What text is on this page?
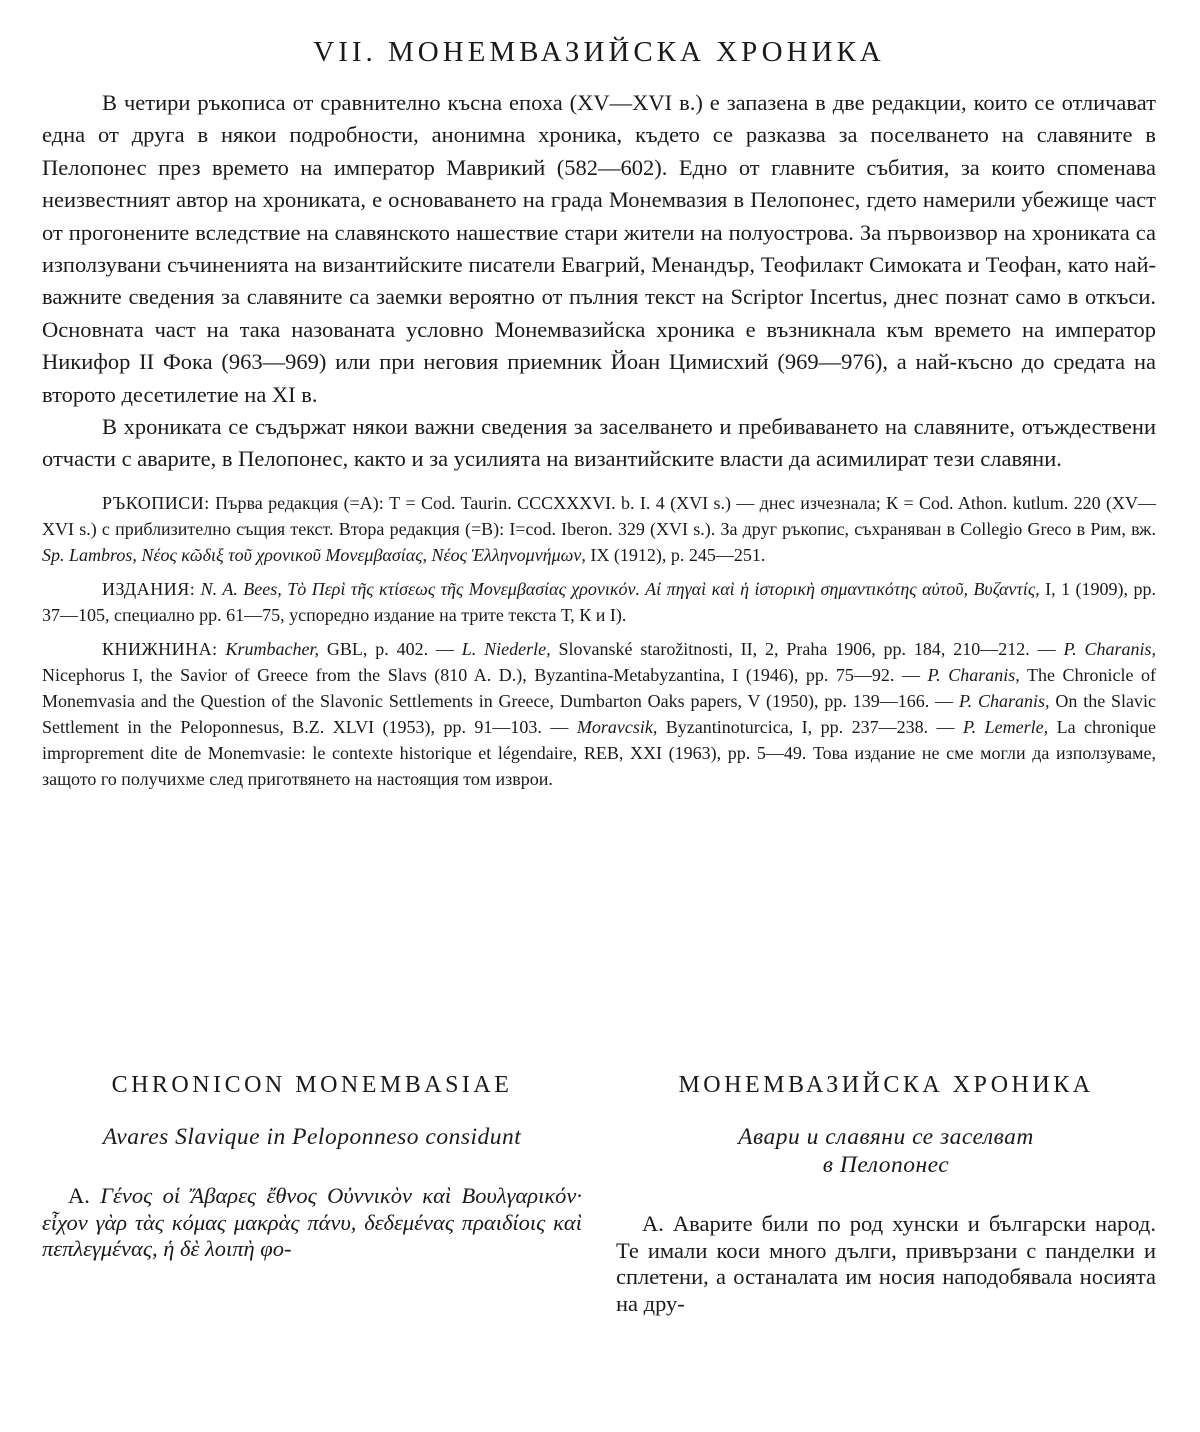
VII. МОНЕМВАЗИЙСКА ХРОНИКА

В четири ръкописа от сравнително късна епоха (XV—XVI в.) е запазена в две редакции, които се отличават една от друга в някои подробности, анонимна хроника, където се разказва за поселването на славяните в Пелопонес през времето на император Маврикий (582—602). Едно от главните събития, за които споменава неизвестният автор на хрониката, е основаването на града Монемвазия в Пелопонес, гдето намерили убежище част от прогонените вследствие на славянското нашествие стари жители на полуострова. За първоизвор на хрониката са използувани съчиненията на византийските писатели Евагрий, Менандър, Теофилакт Симоката и Теофан, като най-важните сведения за славяните са заемки вероятно от пълния текст на Scriptor Incertus, днес познат само в откъси. Основната част на така назованата условно Монемвазийска хроника е възникнала към времето на император Никифор II Фока (963—969) или при неговия приемник Йоан Цимисхий (969—976), а най-късно до средата на второто десетилетие на XI в.

В хрониката се съдържат някои важни сведения за заселването и пребиваването на славяните, отъждествени отчасти с аварите, в Пелопонес, както и за усилията на византийските власти да асимилират тези славяни.

РЪКОПИСИ: Първа редакция (=А): Т = Cod. Taurin. CCCXXXVI. b. I. 4 (XVI s.) — днес изчезнала; К = Cod. Athon. kutlum. 220 (XV—XVI s.) с приблизително същия текст. Втора редакция (=В): I=cod. Iberon. 329 (XVI s.). За друг ръкопис, съхраняван в Collegio Greco в Рим, вж. Sp. Lambros, Νέος κῶδιξ τοῦ χρονικοῦ Μονεμβασίας, Νέος Ἑλληνομνήμων, IX (1912), p. 245—251.

ИЗДАНИЯ: N. A. Bees, Τὸ Περὶ τῆς κτίσεως τῆς Μονεμβασίας χρονικόν. Αἱ πηγαὶ καὶ ἡ ἱστορικὴ σημαντικότης αὐτοῦ, Βυζαντίς, I, 1 (1909), pp. 37—105, специално pp. 61—75, успоредно издание на трите текста Т, К и I).

КНИЖНИНА: Krumbacher, GBL, p. 402. — L. Niederle, Slovanské starožitnosti, II, 2, Praha 1906, pp. 184, 210—212. — P. Charanis, Nicephorus I, the Savior of Greece from the Slavs (810 A. D.), Byzantina-Metabyzantina, I (1946), pp. 75—92. — P. Charanis, The Chronicle of Monemvasia and the Question of the Slavonic Settlements in Greece, Dumbarton Oaks papers, V (1950), pp. 139—166. — P. Charanis, On the Slavic Settlement in the Peloponnesus, B.Z. XLVI (1953), pp. 91—103. — Moravcsik, Byzantinoturcica, I, pp. 237—238. — P. Lemerle, La chronique improprement dite de Monemvasie: le contexte historique et légendaire, REB, XXI (1963), pp. 5—49. Това издание не сме могли да използуваме, защото го получихме след приготвянето на настоящия том изврои.

CHRONICON MONEMBASIAE
Avares Slavique in Peloponneso considunt

А. Γένος οἱ Ἄβαρες ἔθνος Οὐννικὸν καὶ Βουλγαρικόν· εἶχον γὰρ τὰς κόμας μακρὰς πάνυ, δεδεμένας πραιδίοις καὶ πεπλεγμένας, ἡ δὲ λοιπὴ φο-

МОНЕМВАЗИЙСКА ХРОНИКА
Авари и славяни се заселват
в Пелопонес

А. Аварите били по род хунски и български народ. Те имали коси много дълги, привързани с панделки и сплетени, а останалата им носия наподобявала носията на дру-
